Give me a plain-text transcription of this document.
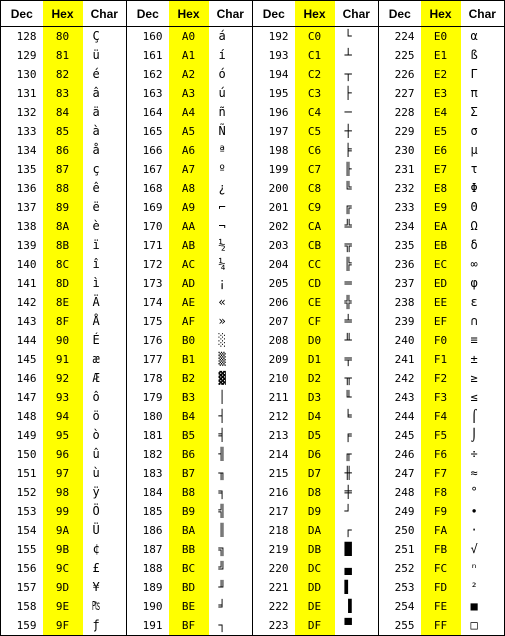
Dec	Hex	Char	Dec	Hex	Char	Dec	Hex	Char	Dec	Hex	Char
128	80	Ç	160	A0	á	192	C0	└	224	E0	α
129	81	ü	161	A1	í	193	C1	┴	225	E1	ß
130	82	é	162	A2	ó	194	C2	┬	226	E2	Γ
131	83	â	163	A3	ú	195	C3	├	227	E3	π
132	84	ä	164	A4	ñ	196	C4	─	228	E4	Σ
133	85	à	165	A5	Ñ	197	C5	┼	229	E5	σ
134	86	å	166	A6	ª	198	C6	╞	230	E6	µ
135	87	ç	167	A7	º	199	C7	╟	231	E7	τ
136	88	ê	168	A8	¿	200	C8	╚	232	E8	Φ
137	89	ë	169	A9	⌐	201	C9	╔	233	E9	Θ
138	8A	è	170	AA	¬	202	CA	╩	234	EA	Ω
139	8B	ï	171	AB	½	203	CB	╦	235	EB	δ
140	8C	î	172	AC	¼	204	CC	╠	236	EC	∞
141	8D	ì	173	AD	¡	205	CD	═	237	ED	φ
142	8E	Ä	174	AE	«	206	CE	╬	238	EE	ε
143	8F	Å	175	AF	»	207	CF	╧	239	EF	∩
144	90	É	176	B0	░	208	D0	╨	240	F0	≡
145	91	æ	177	B1	▒	209	D1	╤	241	F1	±
146	92	Æ	178	B2	▓	210	D2	╥	242	F2	≥
147	93	ô	179	B3	│	211	D3	╙	243	F3	≤
148	94	ö	180	B4	┤	212	D4	╘	244	F4	⌠
149	95	ò	181	B5	╡	213	D5	╒	245	F5	⌡
150	96	û	182	B6	╢	214	D6	╓	246	F6	÷
151	97	ù	183	B7	╖	215	D7	╫	247	F7	≈
152	98	ÿ	184	B8	╕	216	D8	╪	248	F8	°
153	99	Ö	185	B9	╣	217	D9	┘	249	F9	∙
154	9A	Ü	186	BA	║	218	DA	┌	250	FA	·
155	9B	¢	187	BB	╗	219	DB	█	251	FB	√
156	9C	£	188	BC	╝	220	DC	▄	252	FC	ⁿ
157	9D	¥	189	BD	╜	221	DD	▌	253	FD	²
158	9E	₧	190	BE	╛	222	DE	▐	254	FE	■
159	9F	ƒ	191	BF	┐	223	DF	▀	255	FF	□
